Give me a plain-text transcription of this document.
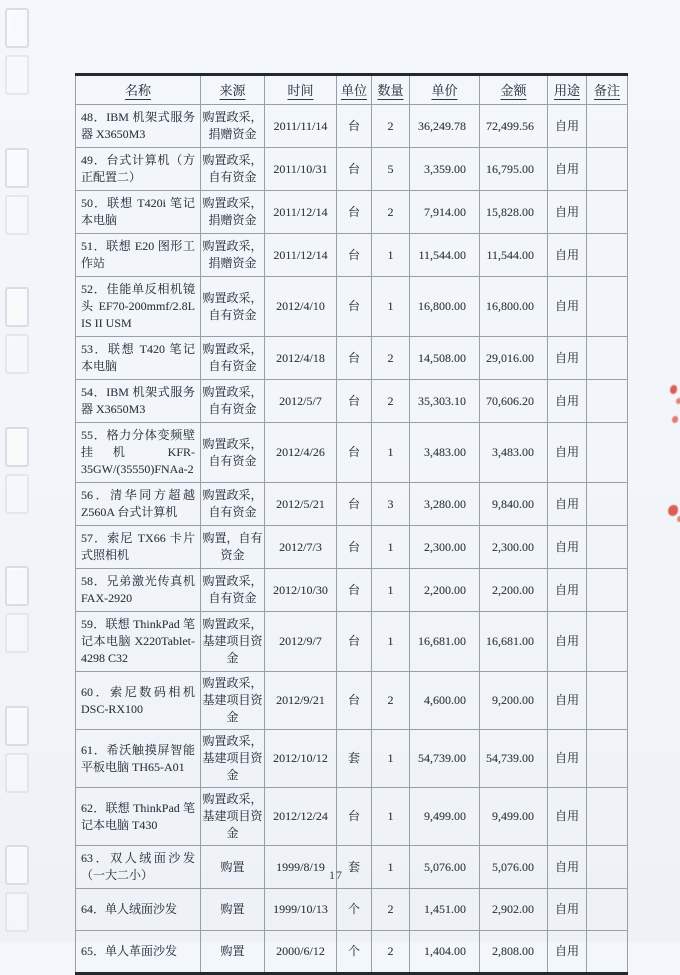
名称	来源	时间	单位	数量	单价	金额	用途	备注
48．IBM 机架式服务器 X3650M3	购置政采，捐赠资金	2011/11/14	台	2	36,249.78	72,499.56	自用	
49．台式计算机（方正配置二）	购置政采，自有资金	2011/10/31	台	5	3,359.00	16,795.00	自用	
50．联想 T420i 笔记本电脑	购置政采，捐赠资金	2011/12/14	台	2	7,914.00	15,828.00	自用	
51．联想 E20 图形工作站	购置政采，捐赠资金	2011/12/14	台	1	11,544.00	11,544.00	自用	
52．佳能单反相机镜头 EF70-200mmf/2.8L IS II USM	购置政采，自有资金	2012/4/10	台	1	16,800.00	16,800.00	自用	
53．联想 T420 笔记本电脑	购置政采，自有资金	2012/4/18	台	2	14,508.00	29,016.00	自用	
54．IBM 机架式服务器 X3650M3	购置政采，自有资金	2012/5/7	台	2	35,303.10	70,606.20	自用	
55．格力分体变频壁挂机 KFR-35GW/(35550)FNAa-2	购置政采，自有资金	2012/4/26	台	1	3,483.00	3,483.00	自用	
56．清华同方超越 Z560A 台式计算机	购置政采，自有资金	2012/5/21	台	3	3,280.00	9,840.00	自用	
57．索尼 TX66 卡片式照相机	购置，自有资金	2012/7/3	台	1	2,300.00	2,300.00	自用	
58．兄弟激光传真机 FAX-2920	购置政采，自有资金	2012/10/30	台	1	2,200.00	2,200.00	自用	
59．联想 ThinkPad 笔记本电脑 X220Tablet-4298 C32	购置政采，基建项目资金	2012/9/7	台	1	16,681.00	16,681.00	自用	
60．索尼数码相机 DSC-RX100	购置政采，基建项目资金	2012/9/21	台	2	4,600.00	9,200.00	自用	
61．希沃触摸屏智能平板电脑 TH65-A01	购置政采，基建项目资金	2012/10/12	套	1	54,739.00	54,739.00	自用	
62．联想 ThinkPad 笔记本电脑 T430	购置政采，基建项目资金	2012/12/24	台	1	9,499.00	9,499.00	自用	
63．双人绒面沙发（一大二小）	购置	1999/8/19	套	1	5,076.00	5,076.00	自用	
64．单人绒面沙发	购置	1999/10/13	个	2	1,451.00	2,902.00	自用	
65．单人革面沙发	购置	2000/6/12	个	2	1,404.00	2,808.00	自用	
17
